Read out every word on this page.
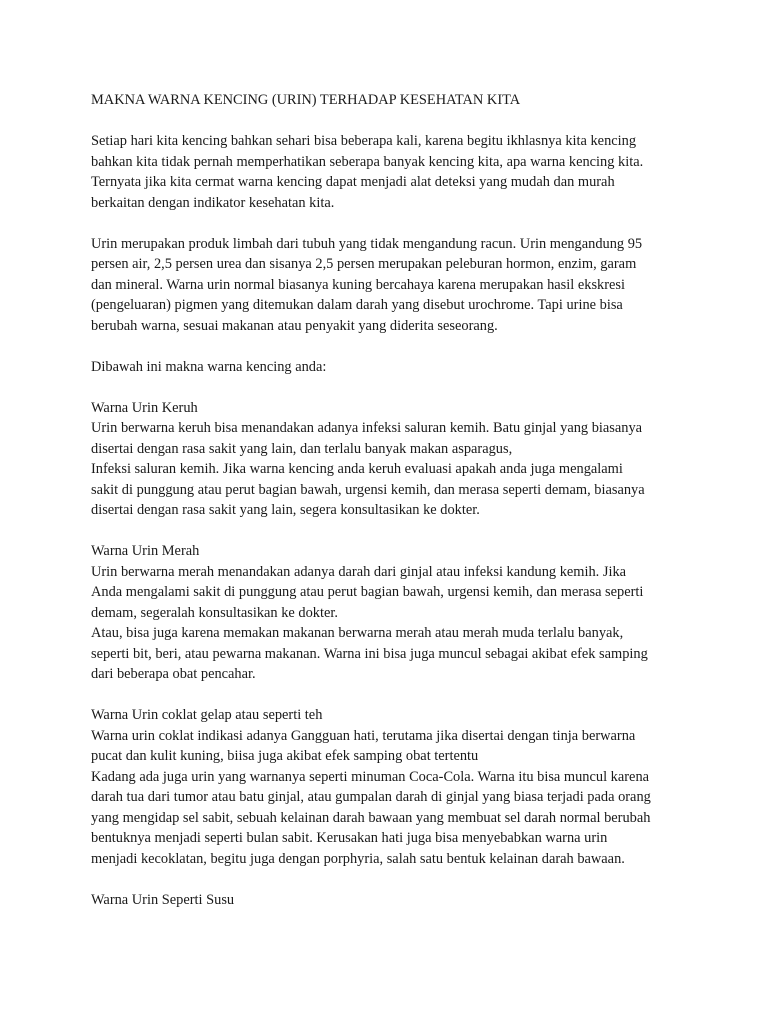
MAKNA WARNA KENCING (URIN) TERHADAP KESEHATAN KITA

Setiap hari kita kencing bahkan sehari bisa beberapa kali, karena begitu ikhlasnya kita kencing

bahkan kita tidak pernah memperhatikan seberapa banyak kencing kita, apa warna kencing kita.

Ternyata jika kita cermat warna kencing dapat menjadi alat deteksi yang mudah dan murah

berkaitan dengan indikator kesehatan kita.

Urin merupakan produk limbah dari tubuh yang tidak mengandung racun. Urin mengandung 95

persen air, 2,5 persen urea dan sisanya 2,5 persen merupakan peleburan hormon, enzim, garam

dan mineral. Warna urin normal biasanya kuning bercahaya karena merupakan hasil ekskresi

(pengeluaran) pigmen yang ditemukan dalam darah yang disebut urochrome. Tapi urine bisa

berubah warna, sesuai makanan atau penyakit yang diderita seseorang.

Dibawah ini makna warna kencing anda:

Warna Urin Keruh

Urin berwarna keruh bisa menandakan adanya infeksi saluran kemih. Batu ginjal yang biasanya

disertai dengan rasa sakit yang lain, dan terlalu banyak makan asparagus,

Infeksi saluran kemih. Jika warna kencing anda keruh evaluasi apakah anda juga mengalami

sakit di punggung atau perut bagian bawah, urgensi kemih, dan merasa seperti demam, biasanya

disertai dengan rasa sakit yang lain, segera konsultasikan ke dokter.

Warna Urin Merah

Urin berwarna merah menandakan adanya darah dari ginjal atau infeksi kandung kemih. Jika

Anda mengalami sakit di punggung atau perut bagian bawah, urgensi kemih, dan merasa seperti

demam, segeralah konsultasikan ke dokter.

Atau, bisa juga karena memakan makanan berwarna merah atau merah muda terlalu banyak,

seperti bit, beri, atau pewarna makanan. Warna ini bisa juga muncul sebagai akibat efek samping

dari beberapa obat pencahar.

Warna Urin coklat gelap atau seperti teh

Warna urin coklat indikasi adanya Gangguan hati, terutama jika disertai dengan tinja berwarna

pucat dan kulit kuning, biisa juga akibat efek samping obat tertentu

Kadang ada juga urin yang warnanya seperti minuman Coca-Cola. Warna itu bisa muncul karena

darah tua dari tumor atau batu ginjal, atau gumpalan darah di ginjal yang biasa terjadi pada orang

yang mengidap sel sabit, sebuah kelainan darah bawaan yang membuat sel darah normal berubah

bentuknya menjadi seperti bulan sabit. Kerusakan hati juga bisa menyebabkan warna urin

menjadi kecoklatan, begitu juga dengan porphyria, salah satu bentuk kelainan darah bawaan.

Warna Urin Seperti Susu
